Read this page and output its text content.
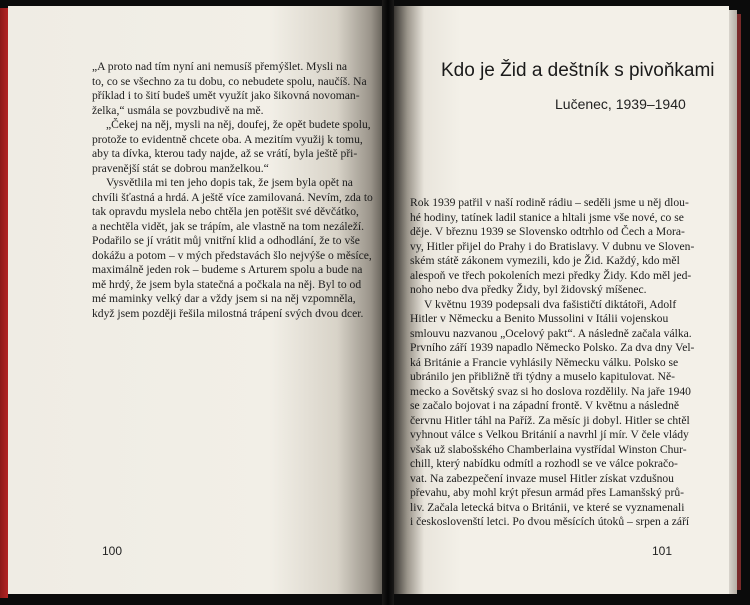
„A proto nad tím nyní ani nemusíš přemýšlet. Mysli na
to, co se všechno za tu dobu, co nebudete spolu, naučíš. Na
příklad i to šití budeš umět využít jako šikovná novoman-
želka,“ usmála se povzbudivě na mě.
„Čekej na něj, mysli na něj, doufej, že opět budete spolu,
protože to evidentně chcete oba. A mezitím využij k tomu,
aby ta dívka, kterou tady najde, až se vrátí, byla ještě při-
pravenější stát se dobrou manželkou.“
Vysvětlila mi ten jeho dopis tak, že jsem byla opět na
chvíli šťastná a hrdá. A ještě více zamilovaná. Nevím, zda to
tak opravdu myslela nebo chtěla jen potěšit své děvčátko,
a nechtěla vidět, jak se trápím, ale vlastně na tom nezáleží.
Podařilo se jí vrátit můj vnitřní klid a odhodlání, že to vše
dokážu a potom – v mých představách šlo nejvýše o měsíce,
maximálně jeden rok – budeme s Arturem spolu a bude na
mě hrdý, že jsem byla statečná a počkala na něj. Byl to od
mé maminky velký dar a vždy jsem si na něj vzpomněla,
když jsem později řešila milostná trápení svých dvou dcer.
100
Kdo je Žid a deštník s pivoňkami
Lučenec, 1939–1940
Rok 1939 patřil v naší rodině rádiu – seděli jsme u něj dlou-
hé hodiny, tatínek ladil stanice a hltali jsme vše nové, co se
děje. V březnu 1939 se Slovensko odtrhlo od Čech a Mora-
vy, Hitler přijel do Prahy i do Bratislavy. V dubnu ve Sloven-
ském státě zákonem vymezili, kdo je Žid. Každý, kdo měl
alespoň ve třech pokoleních mezi předky Židy. Kdo měl jed-
noho nebo dva předky Židy, byl židovský míšenec.
V květnu 1939 podepsali dva fašističtí diktátoři, Adolf
Hitler v Německu a Benito Mussolini v Itálii vojenskou
smlouvu nazvanou „Ocelový pakt“. A následně začala válka.
Prvního září 1939 napadlo Německo Polsko. Za dva dny Vel-
ká Británie a Francie vyhlásily Německu válku. Polsko se
ubránilo jen přibližně tři týdny a muselo kapitulovat. Ně-
mecko a Sovětský svaz si ho doslova rozdělily. Na jaře 1940
se začalo bojovat i na západní frontě. V květnu a následně
červnu Hitler táhl na Paříž. Za měsíc ji dobyl. Hitler se chtěl
vyhnout válce s Velkou Británií a navrhl jí mír. V čele vlády
však už slabošského Chamberlaina vystřídal Winston Chur-
chill, který nabídku odmítl a rozhodl se ve válce pokračo-
vat. Na zabezpečení invaze musel Hitler získat vzdušnou
převahu, aby mohl krýt přesun armád přes Lamanšský prů-
liv. Začala letecká bitva o Británii, ve které se vyznamenali
i českoslovenští letci. Po dvou měsících útoků – srpen a září
101
